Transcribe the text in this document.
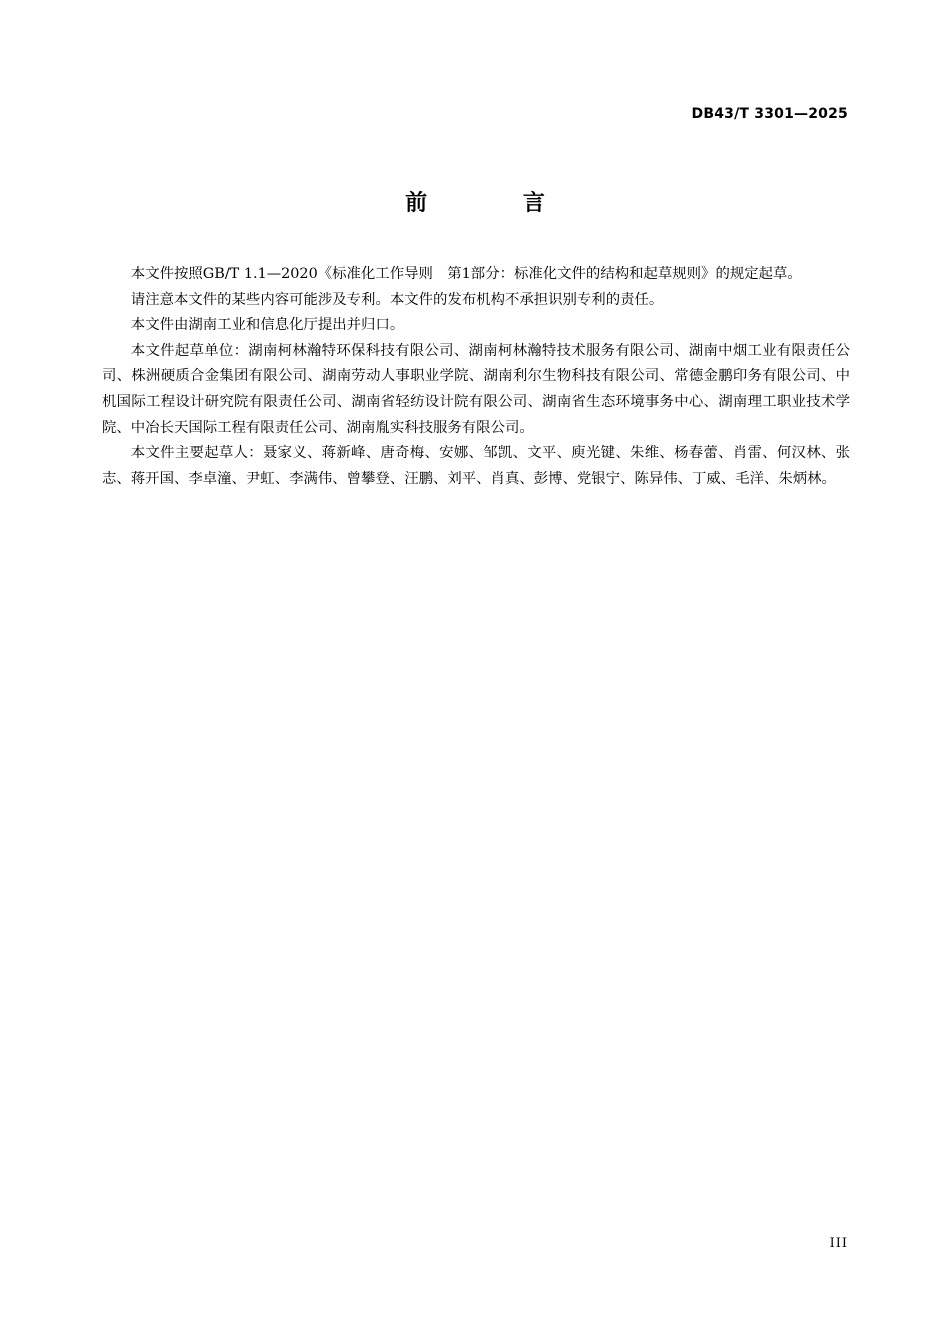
DB43/T 3301—2025
前 言

本文件按照GB/T 1.1—2020《标准化工作导则　第1部分：标准化文件的结构和起草规则》的规定起草。

请注意本文件的某些内容可能涉及专利。本文件的发布机构不承担识别专利的责任。

本文件由湖南工业和信息化厅提出并归口。

本文件起草单位：湖南柯林瀚特环保科技有限公司、湖南柯林瀚特技术服务有限公司、湖南中烟工业有限责任公司、株洲硬质合金集团有限公司、湖南劳动人事职业学院、湖南利尔生物科技有限公司、常德金鹏印务有限公司、中机国际工程设计研究院有限责任公司、湖南省轻纺设计院有限公司、湖南省生态环境事务中心、湖南理工职业技术学院、中冶长天国际工程有限责任公司、湖南胤实科技服务有限公司。

本文件主要起草人：聂家义、蒋新峰、唐奇梅、安娜、邹凯、文平、庾光键、朱维、杨春蕾、肖雷、何汉林、张志、蒋开国、李卓潼、尹虹、李满伟、曾攀登、汪鹏、刘平、肖真、彭博、党银宁、陈异伟、丁威、毛洋、朱炳林。

III
